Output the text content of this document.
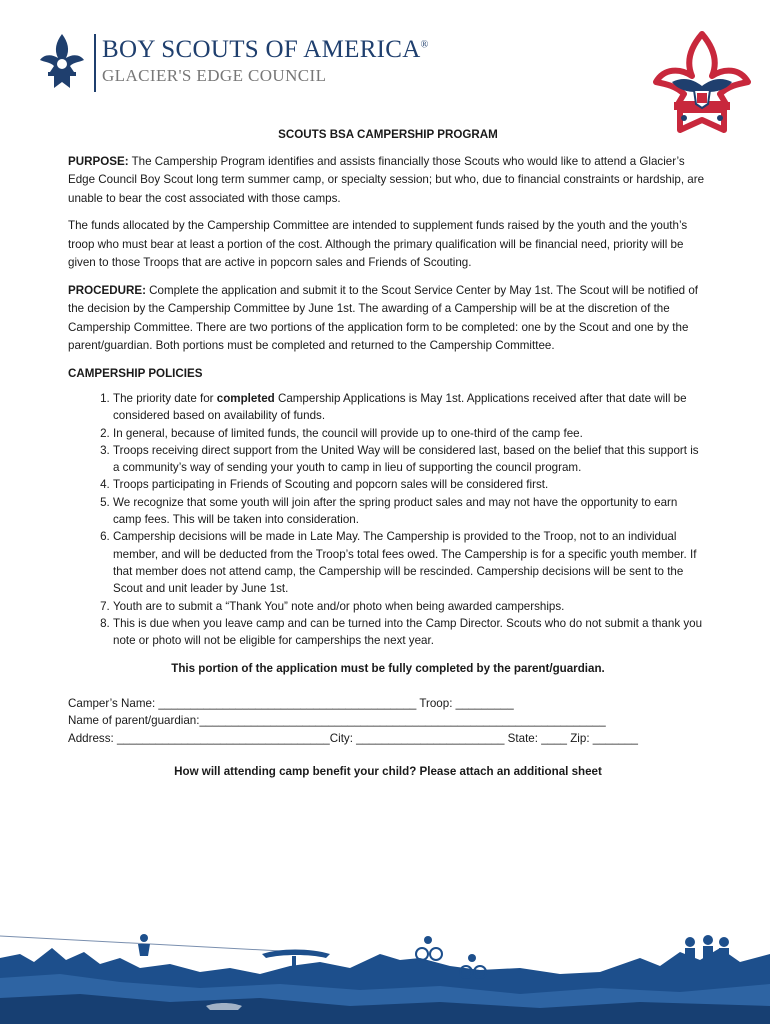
BOY SCOUTS OF AMERICA®
GLACIER'S EDGE COUNCIL
SCOUTS BSA CAMPERSHIP PROGRAM

PURPOSE: The Campership Program identifies and assists financially those Scouts who would like to attend a Glacier’s Edge Council Boy Scout long term summer camp, or specialty session; but who, due to financial constraints or hardship, are unable to bear the cost associated with those camps.

The funds allocated by the Campership Committee are intended to supplement funds raised by the youth and the youth’s troop who must bear at least a portion of the cost. Although the primary qualification will be financial need, priority will be given to those Troops that are active in popcorn sales and Friends of Scouting.

PROCEDURE: Complete the application and submit it to the Scout Service Center by May 1st. The Scout will be notified of the decision by the Campership Committee by June 1st. The awarding of a Campership will be at the discretion of the Campership Committee. There are two portions of the application form to be completed: one by the Scout and one by the parent/guardian. Both portions must be completed and returned to the Campership Committee.

CAMPERSHIP POLICIES
1. The priority date for completed Campership Applications is May 1st. Applications received after that date will be considered based on availability of funds.
2. In general, because of limited funds, the council will provide up to one-third of the camp fee.
3. Troops receiving direct support from the United Way will be considered last, based on the belief that this support is a community’s way of sending your youth to camp in lieu of supporting the council program.
4. Troops participating in Friends of Scouting and popcorn sales will be considered first.
5. We recognize that some youth will join after the spring product sales and may not have the opportunity to earn camp fees. This will be taken into consideration.
6. Campership decisions will be made in Late May. The Campership is provided to the Troop, not to an individual member, and will be deducted from the Troop’s total fees owed. The Campership is for a specific youth member. If that member does not attend camp, the Campership will be rescinded. Campership decisions will be sent to the Scout and unit leader by June 1st.
7. Youth are to submit a “Thank You” note and/or photo when being awarded camperships.
8. This is due when you leave camp and can be turned into the Camp Director. Scouts who do not submit a thank you note or photo will not be eligible for camperships the next year.
This portion of the application must be fully completed by the parent/guardian.
Camper’s Name: ________________________________________ Troop: _________
Name of parent/guardian:_______________________________________________________________
Address: _________________________________City: _______________________ State: ____ Zip: _______
How will attending camp benefit your child? Please attach an additional sheet
